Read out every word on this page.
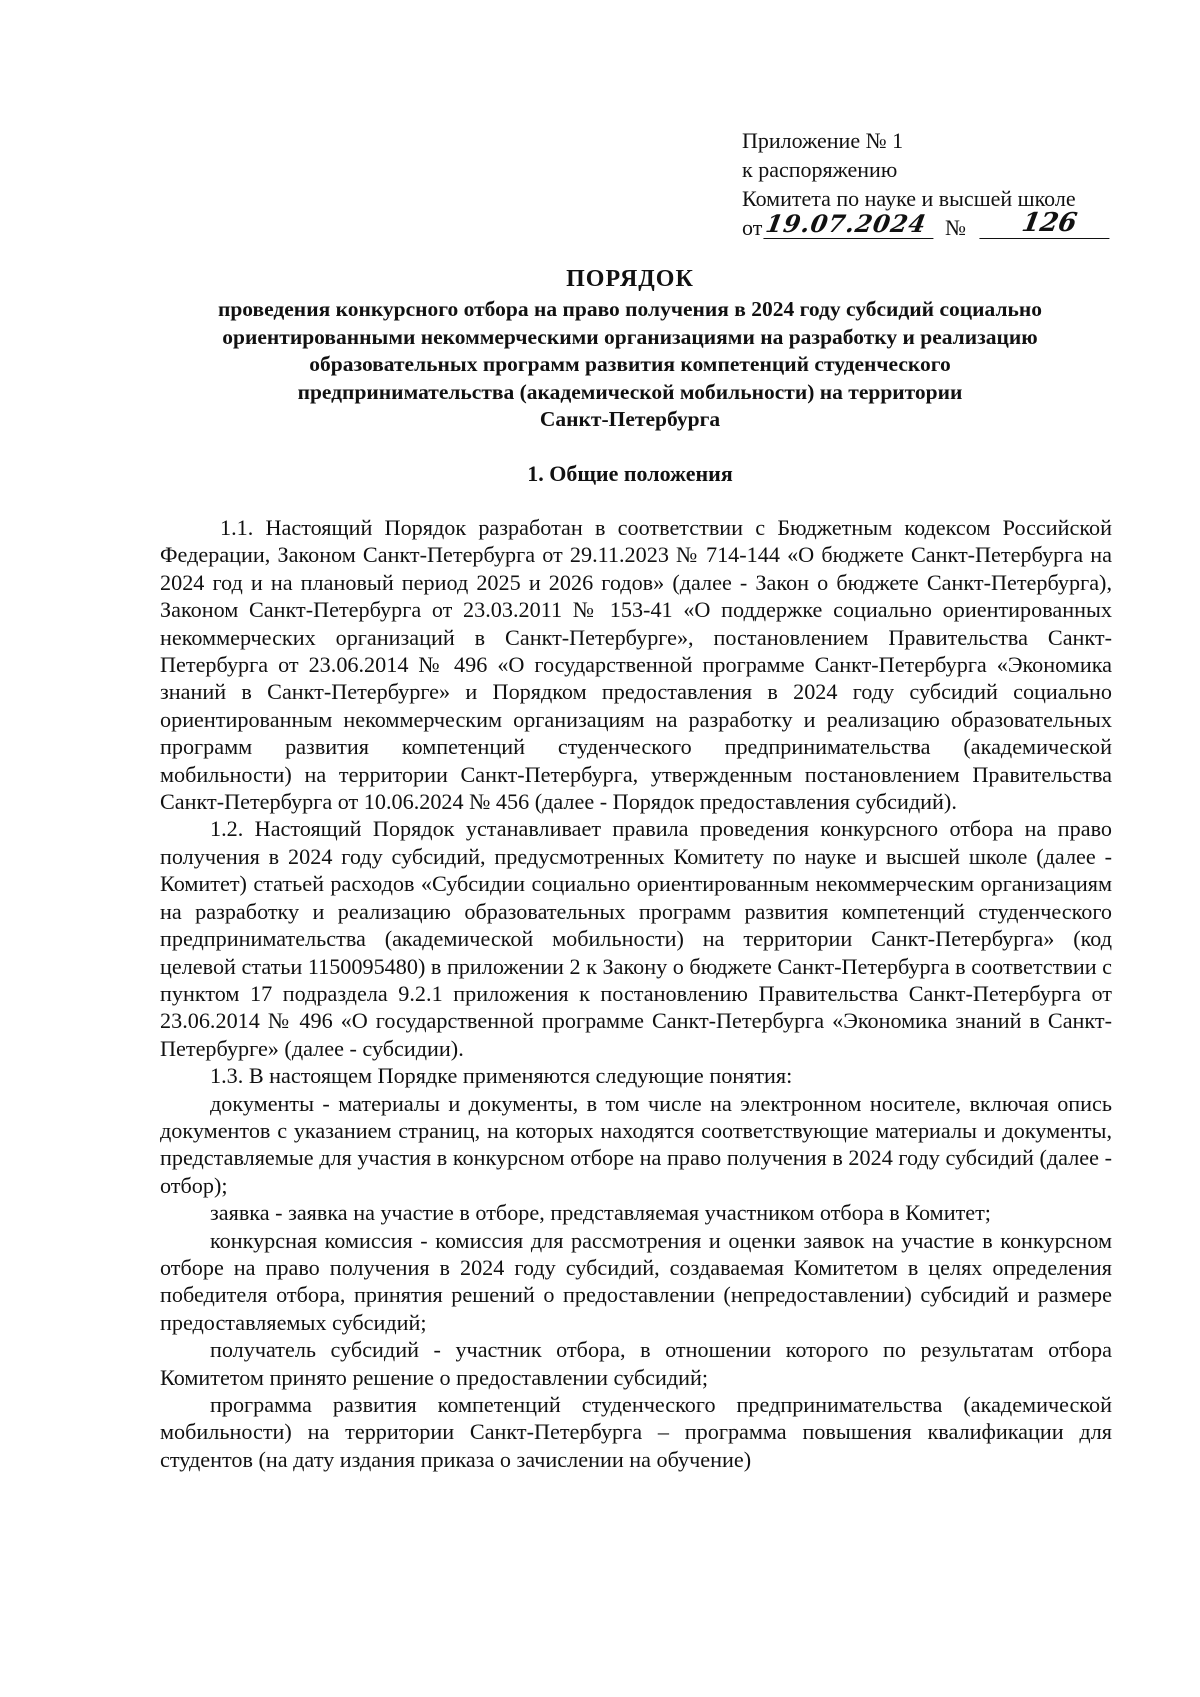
Приложение № 1
к распоряжению
Комитета по науке и высшей школе
от 19.07.2024 №	126

ПОРЯДОК

проведения конкурсного отбора на право получения в 2024 году субсидий социально
ориентированными некоммерческими организациями на разработку и реализацию
образовательных программ развития компетенций студенческого
предпринимательства (академической мобильности) на территории
Санкт-Петербурга

1. Общие положения

1.1. Настоящий Порядок разработан в соответствии с Бюджетным кодексом Российской Федерации, Законом Санкт-Петербурга от 29.11.2023 № 714-144 «О бюджете Санкт-Петербурга на 2024 год и на плановый период 2025 и 2026 годов» (далее - Закон о бюджете Санкт-Петербурга), Законом Санкт-Петербурга от 23.03.2011 № 153-41 «О поддержке социально ориентированных некоммерческих организаций в Санкт-Петербурге», постановлением Правительства Санкт-Петербурга от 23.06.2014 № 496 «О государственной программе Санкт-Петербурга «Экономика знаний в Санкт-Петербурге» и Порядком предоставления в 2024 году субсидий социально ориентированным некоммерческим организациям на разработку и реализацию образовательных программ развития компетенций студенческого предпринимательства (академической мобильности) на территории Санкт-Петербурга, утвержденным постановлением Правительства Санкт-Петербурга от 10.06.2024 № 456 (далее - Порядок предоставления субсидий).

1.2. Настоящий Порядок устанавливает правила проведения конкурсного отбора на право получения в 2024 году субсидий, предусмотренных Комитету по науке и высшей школе (далее - Комитет) статьей расходов «Субсидии социально ориентированным некоммерческим организациям на разработку и реализацию образовательных программ развития компетенций студенческого предпринимательства (академической мобильности) на территории Санкт-Петербурга» (код целевой статьи 1150095480) в приложении 2 к Закону о бюджете Санкт-Петербурга в соответствии с пунктом 17 подраздела 9.2.1 приложения к постановлению Правительства Санкт-Петербурга от 23.06.2014 № 496 «О государственной программе Санкт-Петербурга «Экономика знаний в Санкт-Петербурге» (далее - субсидии).

1.3. В настоящем Порядке применяются следующие понятия:

документы - материалы и документы, в том числе на электронном носителе, включая опись документов с указанием страниц, на которых находятся соответствующие материалы и документы, представляемые для участия в конкурсном отборе на право получения в 2024 году субсидий (далее - отбор);

заявка - заявка на участие в отборе, представляемая участником отбора в Комитет;

конкурсная комиссия - комиссия для рассмотрения и оценки заявок на участие в конкурсном отборе на право получения в 2024 году субсидий, создаваемая Комитетом в целях определения победителя отбора, принятия решений о предоставлении (непредоставлении) субсидий и размере предоставляемых субсидий;

получатель субсидий - участник отбора, в отношении которого по результатам отбора Комитетом принято решение о предоставлении субсидий;

программа развития компетенций студенческого предпринимательства (академической мобильности) на территории Санкт-Петербурга – программа повышения квалификации для студентов (на дату издания приказа о зачислении на обучение)
